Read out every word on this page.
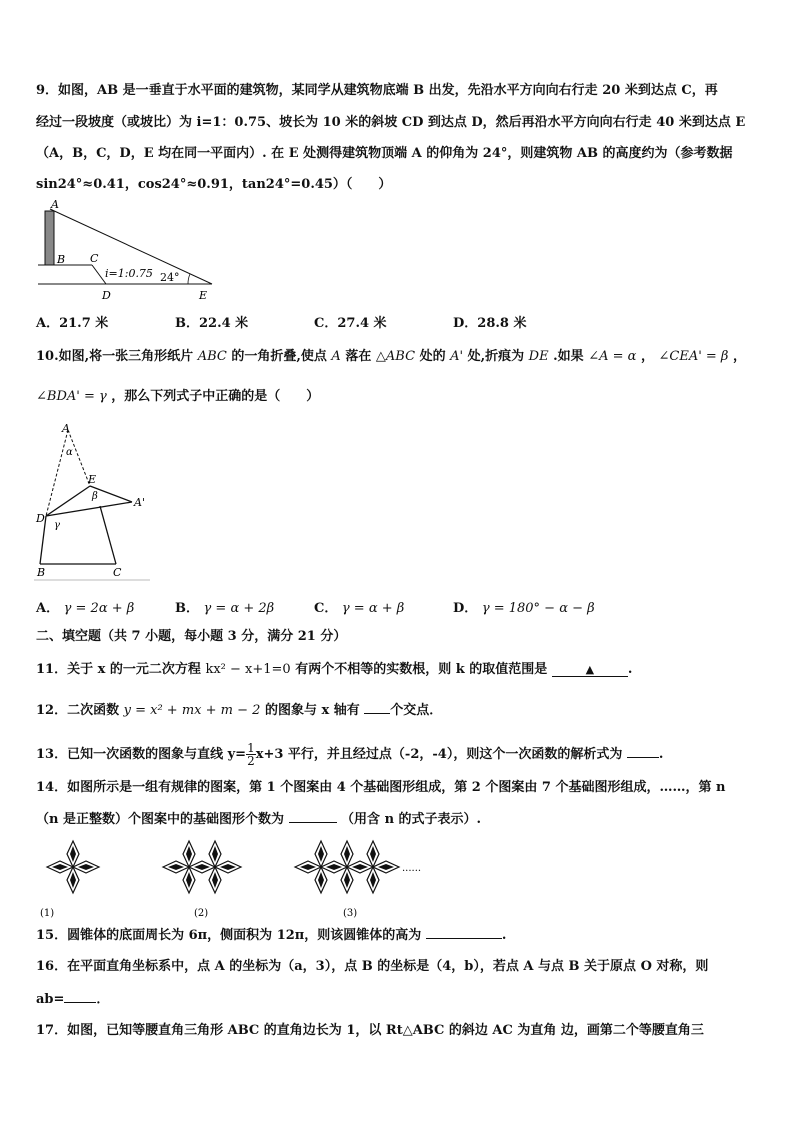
9．如图，AB 是一垂直于水平面的建筑物，某同学从建筑物底端 B 出发，先沿水平方向向右行走 20 米到达点 C，再
经过一段坡度（或坡比）为 i=1：0.75、坡长为 10 米的斜坡 CD 到达点 D，然后再沿水平方向向右行走 40 米到达点 E
（A，B，C，D，E 均在同一平面内）. 在 E 处测得建筑物顶端 A 的仰角为 24°，则建筑物 AB 的高度约为（参考数据
sin24°≈0.41，cos24°≈0.91，tan24°=0.45）（　　）
A
B C
i=1:0.75 24°
D	E
A．21.7 米	B．22.4 米	C．27.4 米	D．28.8 米
10.如图,将一张三角形纸片 ABC 的一角折叠,使点 A 落在 △ABC 处的 A' 处,折痕为 DE .如果 ∠A = α ， ∠CEA' = β ，
∠BDA' = γ ，那么下列式子中正确的是（　　）
A
α
E
β	A'
D
γ
B	C
A． γ = 2α + β	B． γ = α + 2β	C． γ = α + β	D． γ = 180° − α − β
二、填空题（共 7 小题，每小题 3 分，满分 21 分）
11．关于 x 的一元二次方程 kx² − x+1=0 有两个不相等的实数根，则 k 的取值范围是	▲	.
12．二次函数 y = x² + mx + m − 2 的图象与 x 轴有 个交点．
13．已知一次函数的图象与直线 $y= \frac{1}{2} x+3$ 平行，并且经过点（-2，-4），则这个一次函数的解析式为	.
14．如图所示是一组有规律的图案，第 1 个图案由 4 个基础图形组成，第 2 个图案由 7 个基础图形组成，……，第 n
（n 是正整数）个图案中的基础图形个数为	（用含 n 的式子表示）.
(1)	(2)	(3)
......
15．圆锥体的底面周长为 6π，侧面积为 12π，则该圆锥体的高为	.
16．在平面直角坐标系中，点 A 的坐标为（a，3），点 B 的坐标是（4，b），若点 A 与点 B 关于原点 O 对称，则
ab= ．
17．如图，已知等腰直角三角形 ABC 的直角边长为 1，以 Rt△ABC 的斜边 AC 为直角 边，画第二个等腰直角三
